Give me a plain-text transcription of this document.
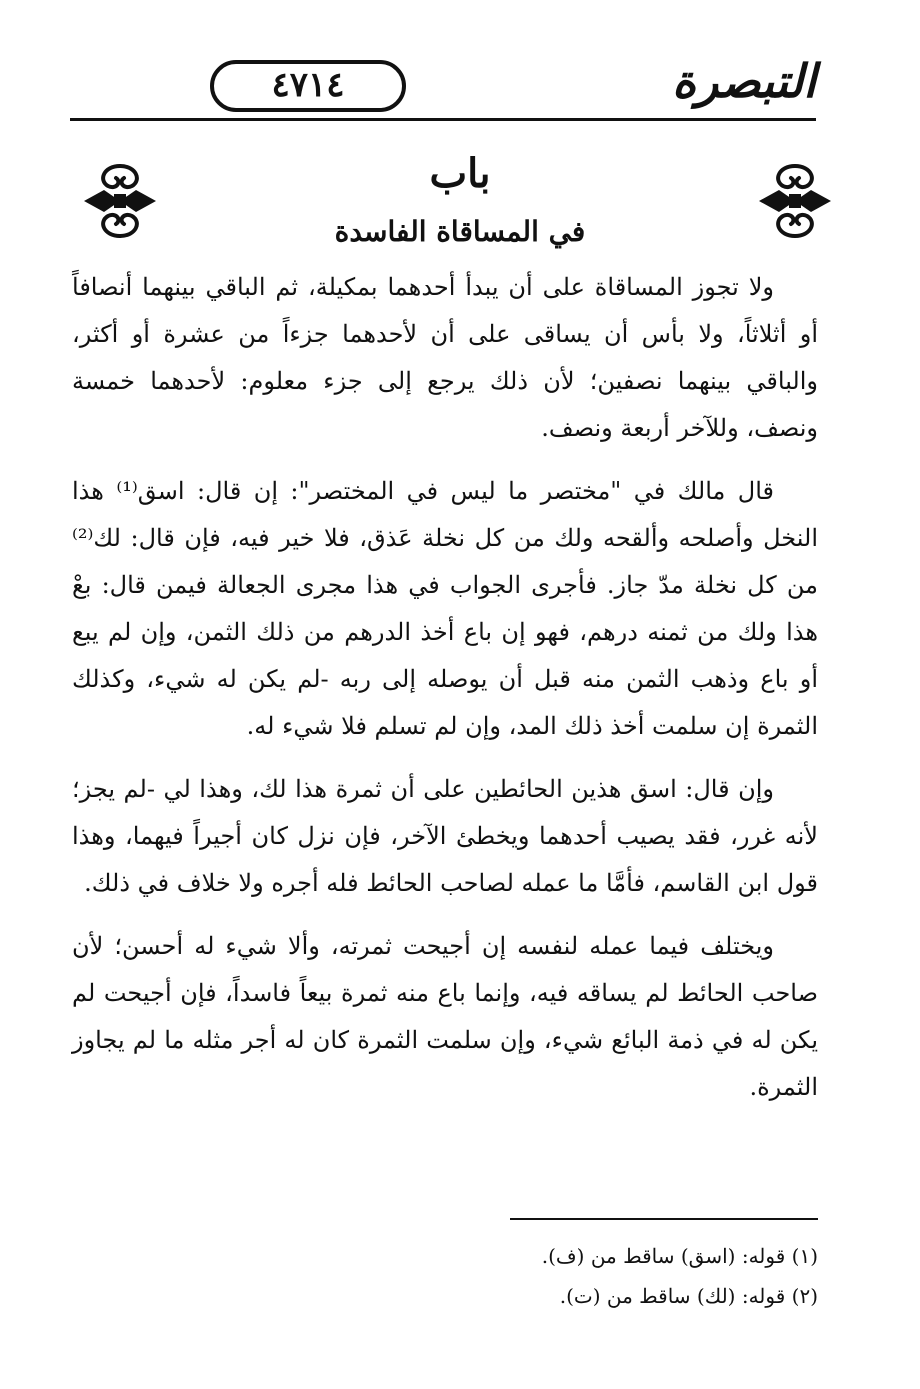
٤٧١٤	التبصرة
باب
في المساقاة الفاسدة

ولا تجوز المساقاة على أن يبدأ أحدهما بمكيلة، ثم الباقي بينهما أنصافاً أو أثلاثاً، ولا بأس أن يساقى على أن لأحدهما جزءاً من عشرة أو أكثر، والباقي بينهما نصفين؛ لأن ذلك يرجع إلى جزء معلوم: لأحدهما خمسة ونصف، وللآخر أربعة ونصف.

قال مالك في "مختصر ما ليس في المختصر": إن قال: اسق⁽¹⁾ هذا النخل وأصلحه وألقحه ولك من كل نخلة عَذق، فلا خير فيه، فإن قال: لك⁽²⁾ من كل نخلة مدّ جاز. فأجرى الجواب في هذا مجرى الجعالة فيمن قال: بعْ هذا ولك من ثمنه درهم، فهو إن باع أخذ الدرهم من ذلك الثمن، وإن لم يبع أو باع وذهب الثمن منه قبل أن يوصله إلى ربه -لم يكن له شيء، وكذلك الثمرة إن سلمت أخذ ذلك المد، وإن لم تسلم فلا شيء له.

وإن قال: اسق هذين الحائطين على أن ثمرة هذا لك، وهذا لي -لم يجز؛ لأنه غرر، فقد يصيب أحدهما ويخطئ الآخر، فإن نزل كان أجيراً فيهما، وهذا قول ابن القاسم، فأمَّا ما عمله لصاحب الحائط فله أجره ولا خلاف في ذلك.

ويختلف فيما عمله لنفسه إن أجيحت ثمرته، وألا شيء له أحسن؛ لأن صاحب الحائط لم يساقه فيه، وإنما باع منه ثمرة بيعاً فاسداً، فإن أجيحت لم يكن له في ذمة البائع شيء، وإن سلمت الثمرة كان له أجر مثله ما لم يجاوز الثمرة.

(١) قوله: (اسق) ساقط من (ف).

(٢) قوله: (لك) ساقط من (ت).
